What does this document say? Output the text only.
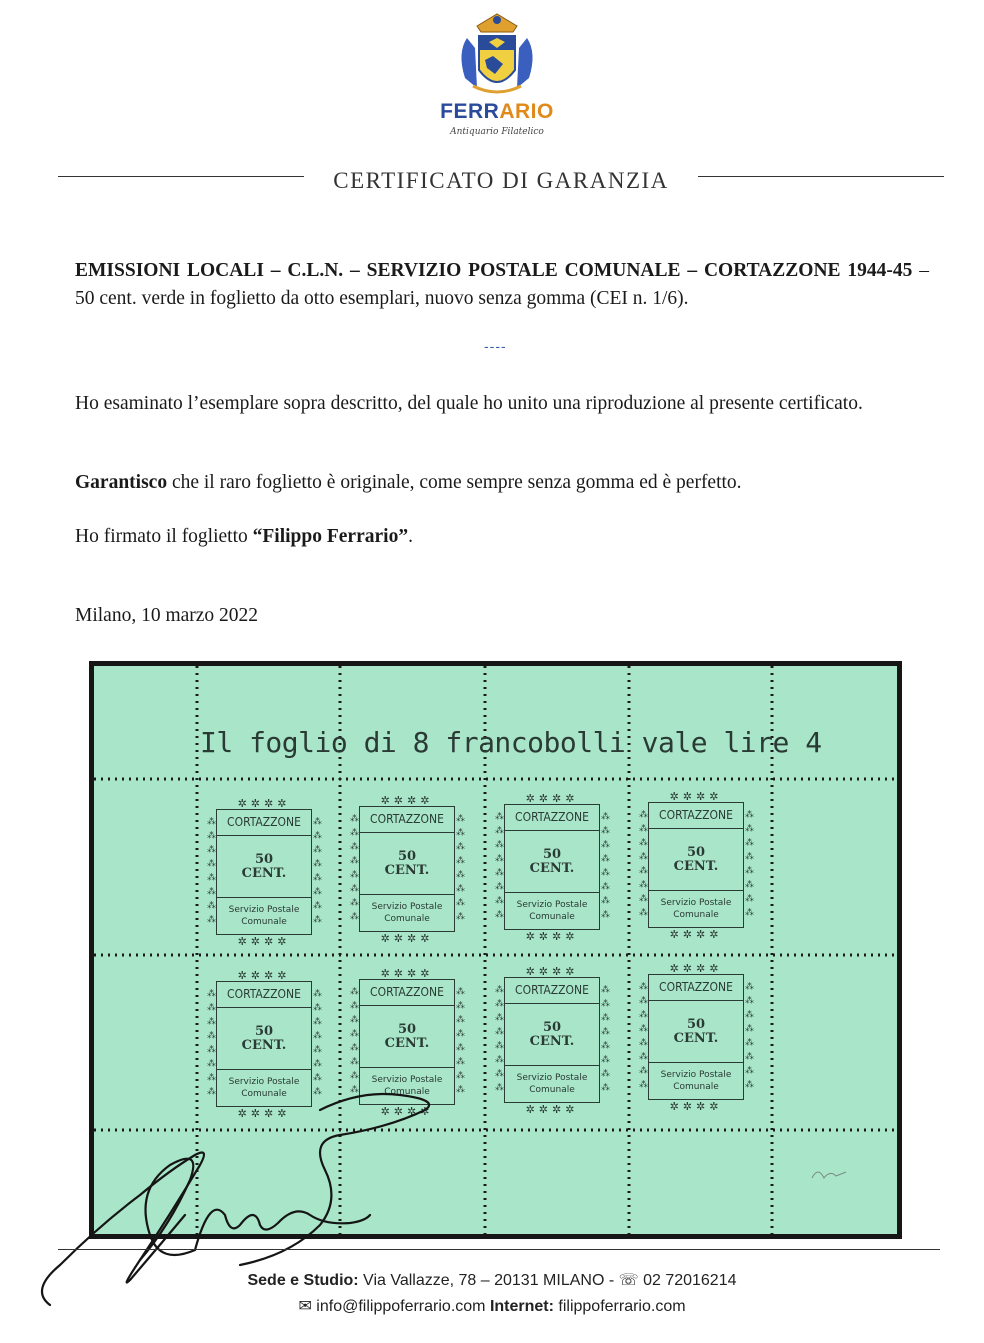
FERRARIO
Antiquario Filatelico
CERTIFICATO DI GARANZIA
EMISSIONI LOCALI – C.L.N. – SERVIZIO POSTALE COMUNALE – CORTAZZONE 1944-45 – 50 cent. verde in foglietto da otto esemplari, nuovo senza gomma (CEI n. 1/6).
----
Ho esaminato l’esemplare sopra descritto, del quale ho unito una riproduzione al presente certificato.
Garantisco che il raro foglietto è originale, come sempre senza gomma ed è perfetto.
Ho firmato il foglietto “Filippo Ferrario”.
Milano, 10 marzo 2022
Il foglio di 8 francobolli vale lire 4
✲✲✲✲
⁂
⁂
⁂
⁂
⁂
⁂
⁂
⁂
⁂
⁂
⁂
⁂
⁂
⁂
⁂
⁂
CORTAZZONE
50
CENT.
Servizio Postale
Comunale
✲✲✲✲
✲✲✲✲
⁂
⁂
⁂
⁂
⁂
⁂
⁂
⁂
⁂
⁂
⁂
⁂
⁂
⁂
⁂
⁂
CORTAZZONE
50
CENT.
Servizio Postale
Comunale
✲✲✲✲
✲✲✲✲
⁂
⁂
⁂
⁂
⁂
⁂
⁂
⁂
⁂
⁂
⁂
⁂
⁂
⁂
⁂
⁂
CORTAZZONE
50
CENT.
Servizio Postale
Comunale
✲✲✲✲
✲✲✲✲
⁂
⁂
⁂
⁂
⁂
⁂
⁂
⁂
⁂
⁂
⁂
⁂
⁂
⁂
⁂
⁂
CORTAZZONE
50
CENT.
Servizio Postale
Comunale
✲✲✲✲
✲✲✲✲
⁂
⁂
⁂
⁂
⁂
⁂
⁂
⁂
⁂
⁂
⁂
⁂
⁂
⁂
⁂
⁂
CORTAZZONE
50
CENT.
Servizio Postale
Comunale
✲✲✲✲
✲✲✲✲
⁂
⁂
⁂
⁂
⁂
⁂
⁂
⁂
⁂
⁂
⁂
⁂
⁂
⁂
⁂
⁂
CORTAZZONE
50
CENT.
Servizio Postale
Comunale
✲✲✲✲
✲✲✲✲
⁂
⁂
⁂
⁂
⁂
⁂
⁂
⁂
⁂
⁂
⁂
⁂
⁂
⁂
⁂
⁂
CORTAZZONE
50
CENT.
Servizio Postale
Comunale
✲✲✲✲
✲✲✲✲
⁂
⁂
⁂
⁂
⁂
⁂
⁂
⁂
⁂
⁂
⁂
⁂
⁂
⁂
⁂
⁂
CORTAZZONE
50
CENT.
Servizio Postale
Comunale
✲✲✲✲
Sede e Studio: Via Vallazze, 78 – 20131 MILANO - ☏ 02 72016214
✉ info@filippoferrario.com Internet: filippoferrario.com
